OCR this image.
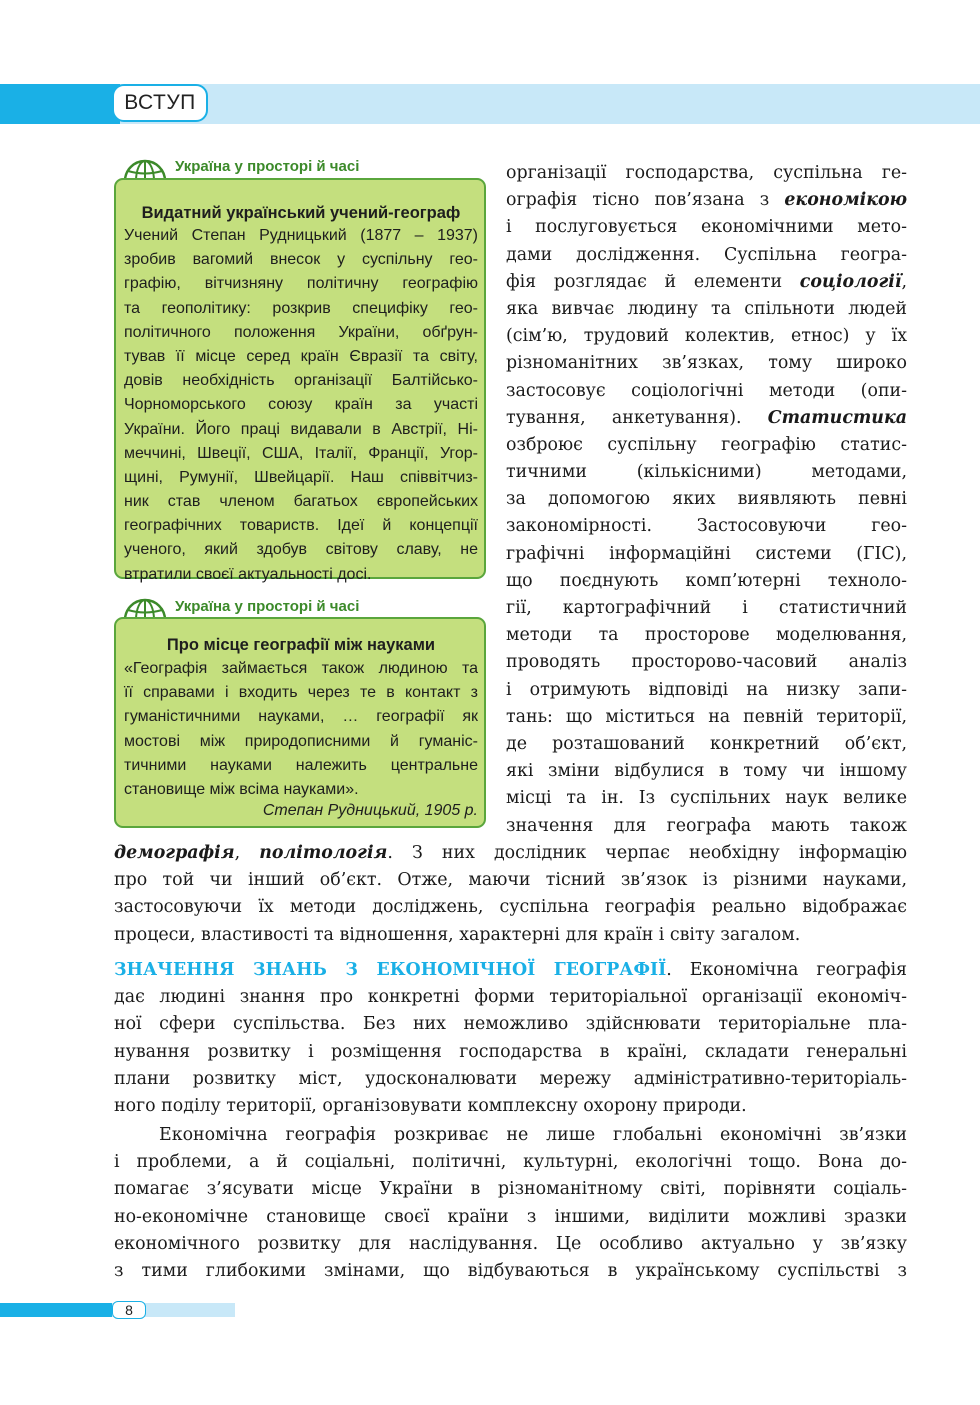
ВСТУП
Україна у просторі й часі
Видатний український учений-географ
Учений Степан Рудницький (1877 – 1937)
зробив вагомий внесок у суспільну гео-
графію, вітчизняну політичну географію
та геополітику: розкрив специфіку гео-
політичного положення України, обґрун-
тував її місце серед країн Євразії та світу,
довів необхідність організації Балтійсько-
Чорноморського союзу країн за участі
України. Його праці видавали в Австрії, Ні-
меччині, Швеції, США, Італії, Франції, Угор-
щині, Румунії, Швейцарії. Наш співвітчиз-
ник став членом багатьох європейських
географічних товариств. Ідеї й концепції
ученого, який здобув світову славу, не
втратили своєї актуальності досі.
Україна у просторі й часі
Про місце географії між науками
«Географія займається також людиною та
її справами і входить через те в контакт з
гуманістичними науками, … географії як
мостові між природописними й гуманіс-
тичними науками належить центральне
становище між всіма науками».
Степан Рудницький, 1905 р.
організації господарства, суспільна ге-
ографія тісно пов’язана з економікою
і послуговується економічними мето-
дами дослідження. Суспільна геогра-
фія розглядає й елементи соціології,
яка вивчає людину та спільноти людей
(сім’ю, трудовий колектив, етнос) у їх
різноманітних зв’язках, тому широко
застосовує соціологічні методи (опи-
тування, анкетування). Статистика
озброює суспільну географію статис-
тичними (кількісними) методами,
за допомогою яких виявляють певні
закономірності. Застосовуючи гео-
графічні інформаційні системи (ГІС),
що поєднують комп’ютерні техноло-
гії, картографічний і статистичний
методи та просторове моделювання,
проводять просторово-часовий аналіз
і отримують відповіді на низку запи-
тань: що міститься на певній території,
де розташований конкретний об’єкт,
які зміни відбулися в тому чи іншому
місці та ін. Із суспільних наук велике
значення для географа мають також
демографія, політологія. З них дослідник черпає необхідну інформацію
про той чи інший об’єкт. Отже, маючи тісний зв’язок із різними науками,
застосовуючи їх методи досліджень, суспільна географія реально відображає
процеси, властивості та відношення, характерні для країн і світу загалом.
ЗНАЧЕННЯ ЗНАНЬ З ЕКОНОМІЧНОЇ ГЕОГРАФІЇ. Економічна географія
дає людині знання про конкретні форми територіальної організації економіч-
ної сфери суспільства. Без них неможливо здійснювати територіальне пла-
нування розвитку і розміщення господарства в країні, складати генеральні
плани розвитку міст, удосконалювати мережу адміністративно-територіаль-
ного поділу території, організовувати комплексну охорону природи.
Економічна географія розкриває не лише глобальні економічні зв’язки
і проблеми, а й соціальні, політичні, культурні, екологічні тощо. Вона до-
помагає з’ясувати місце України в різноманітному світі, порівняти соціаль-
но-економічне становище своєї країни з іншими, виділити можливі зразки
економічного розвитку для наслідування. Це особливо актуально у зв’язку
з тими глибокими змінами, що відбуваються в українському суспільстві з
8
